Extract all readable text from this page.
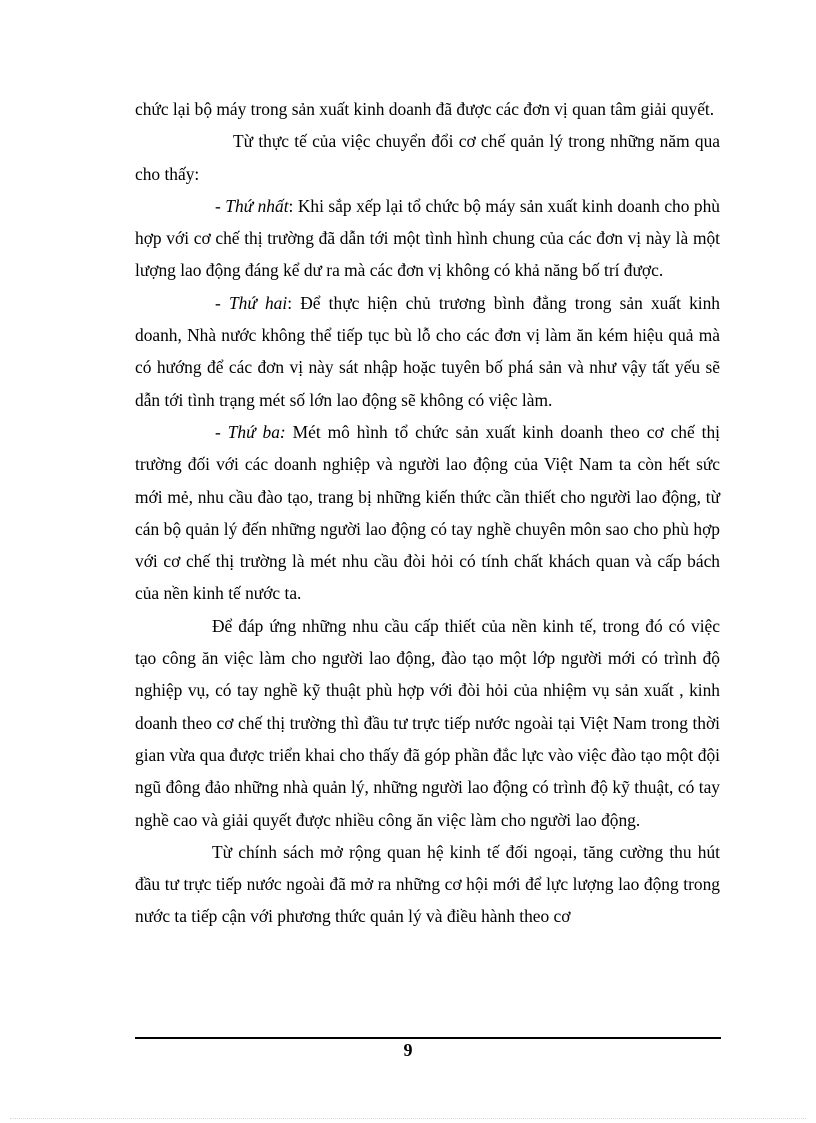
chức lại bộ máy trong sản xuất kinh doanh đã được các đơn vị quan tâm giải quyết.

Từ thực tế của việc chuyển đổi cơ chế quản lý trong những năm qua cho thấy:

- Thứ nhất: Khi sắp xếp lại tổ chức bộ máy sản xuất kinh doanh cho phù hợp với cơ chế thị trường đã dẫn tới một tình hình chung của các đơn vị này là một lượng lao động đáng kể dư ra mà các đơn vị không có khả năng bố trí được.

- Thứ hai: Để thực hiện chủ trương bình đẳng trong sản xuất kinh doanh, Nhà nước không thể tiếp tục bù lỗ cho các đơn vị làm ăn kém hiệu quả mà có hướng để các đơn vị này sát nhập hoặc tuyên bố phá sản và như vậy tất yếu sẽ dẫn tới tình trạng mét số lớn lao động sẽ không có việc làm.

- Thứ ba: Mét mô hình tổ chức sản xuất kinh doanh theo cơ chế thị trường đối với các doanh nghiệp và người lao động của Việt Nam ta còn hết sức mới mẻ, nhu cầu đào tạo, trang bị những kiến thức cần thiết cho người lao động, từ cán bộ quản lý đến những người lao động có tay nghề chuyên môn sao cho phù hợp với cơ chế thị trường là mét nhu cầu đòi hỏi có tính chất khách quan và cấp bách của nền kinh tế nước ta.

Để đáp ứng những nhu cầu cấp thiết của nền kinh tế, trong đó có việc tạo công ăn việc làm cho người lao động, đào tạo một lớp người mới có trình độ nghiệp vụ, có tay nghề kỹ thuật phù hợp với đòi hỏi của nhiệm vụ sản xuất , kinh doanh theo cơ chế thị trường thì đầu tư trực tiếp nước ngoài tại Việt Nam trong thời gian vừa qua được triển khai cho thấy đã góp phần đắc lực vào việc đào tạo một đội ngũ đông đảo những nhà quản lý, những người lao động có trình độ kỹ thuật, có tay nghề cao và giải quyết được nhiều công ăn việc làm cho người lao động.

Từ chính sách mở rộng quan hệ kinh tế đối ngoại, tăng cường thu hút đầu tư trực tiếp nước ngoài đã mở ra những cơ hội mới để lực lượng lao động trong nước ta tiếp cận với phương thức quản lý và điều hành theo cơ

9
